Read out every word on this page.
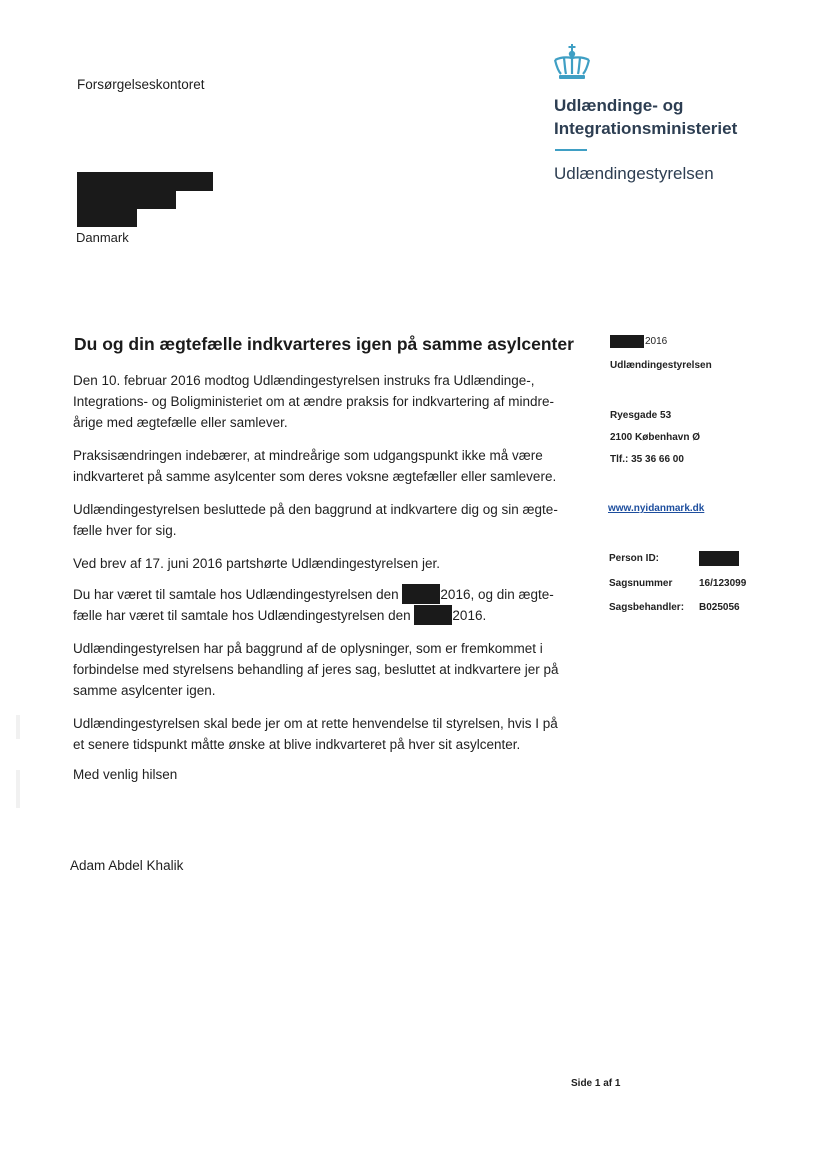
Forsørgelseskontoret
Danmark
Udlændinge- og
Integrationsministeriet
Udlændingestyrelsen
Du og din ægtefælle indkvarteres igen på samme asylcenter
Den 10. februar 2016 modtog Udlændingestyrelsen instruks fra Udlændinge-,
Integrations- og Boligministeriet om at ændre praksis for indkvartering af mindre-
årige med ægtefælle eller samlever.
Praksisændringen indebærer, at mindreårige som udgangspunkt ikke må være
indkvarteret på samme asylcenter som deres voksne ægtefæller eller samlevere.
Udlændingestyrelsen besluttede på den baggrund at indkvartere dig og sin ægte-
fælle hver for sig.
Ved brev af 17. juni 2016 partshørte Udlændingestyrelsen jer.
Du har været til samtale hos Udlændingestyrelsen den	2016, og din ægte-
fælle har været til samtale hos Udlændingestyrelsen den	2016.
Udlændingestyrelsen har på baggrund af de oplysninger, som er fremkommet i
forbindelse med styrelsens behandling af jeres sag, besluttet at indkvartere jer på
samme asylcenter igen.
Udlændingestyrelsen skal bede jer om at rette henvendelse til styrelsen, hvis I på
et senere tidspunkt måtte ønske at blive indkvarteret på hver sit asylcenter.
Med venlig hilsen
Adam Abdel Khalik
2016
Udlændingestyrelsen
Ryesgade 53
2100 København Ø
Tlf.: 35 36 66 00
www.nyidanmark.dk
Person ID:
Sagsnummer	16/123099
Sagsbehandler: B025056
Side 1 af 1
